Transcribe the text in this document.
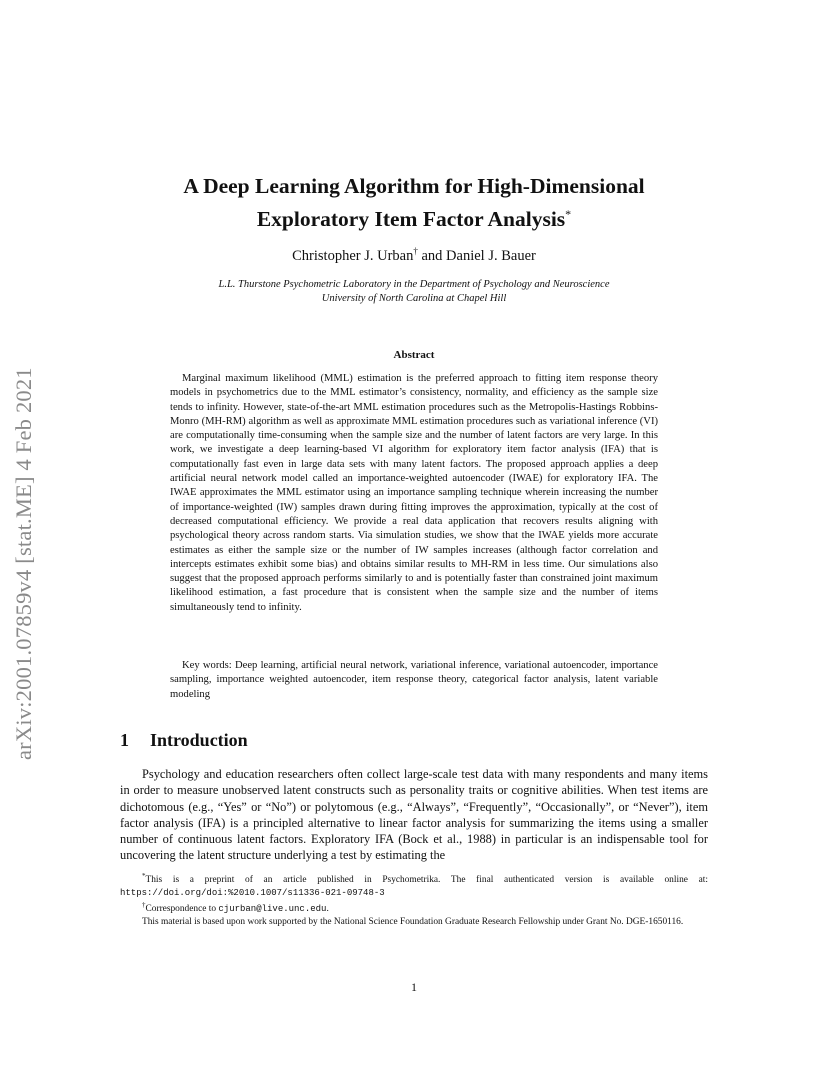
arXiv:2001.07859v4 [stat.ME] 4 Feb 2021
A Deep Learning Algorithm for High-Dimensional
Exploratory Item Factor Analysis*
Christopher J. Urban† and Daniel J. Bauer
L.L. Thurstone Psychometric Laboratory in the Department of Psychology and Neuroscience
University of North Carolina at Chapel Hill
Abstract

Marginal maximum likelihood (MML) estimation is the preferred approach to fitting item response theory models in psychometrics due to the MML estimator’s consistency, normality, and efficiency as the sample size tends to infinity. However, state-of-the-art MML estimation procedures such as the Metropolis-Hastings Robbins-Monro (MH-RM) algorithm as well as approximate MML estimation procedures such as variational inference (VI) are computationally time-consuming when the sample size and the number of latent factors are very large. In this work, we investigate a deep learning-based VI algorithm for exploratory item factor analysis (IFA) that is computationally fast even in large data sets with many latent factors. The proposed approach applies a deep artificial neural network model called an importance-weighted autoencoder (IWAE) for exploratory IFA. The IWAE approximates the MML estimator using an importance sampling technique wherein increasing the number of importance-weighted (IW) samples drawn during fitting improves the approximation, typically at the cost of decreased computational efficiency. We provide a real data application that recovers results aligning with psychological theory across random starts. Via simulation studies, we show that the IWAE yields more accurate estimates as either the sample size or the number of IW samples increases (although factor correlation and intercepts estimates exhibit some bias) and obtains similar results to MH-RM in less time. Our simulations also suggest that the proposed approach performs similarly to and is potentially faster than constrained joint maximum likelihood estimation, a fast procedure that is consistent when the sample size and the number of items simultaneously tend to infinity.

Key words: Deep learning, artificial neural network, variational inference, variational autoencoder, importance sampling, importance weighted autoencoder, item response theory, categorical factor analysis, latent variable modeling

1 Introduction

Psychology and education researchers often collect large-scale test data with many respondents and many items in order to measure unobserved latent constructs such as personality traits or cognitive abilities. When test items are dichotomous (e.g., “Yes” or “No”) or polytomous (e.g., “Always”, “Frequently”, “Occasionally”, or “Never”), item factor analysis (IFA) is a principled alternative to linear factor analysis for summarizing the items using a smaller number of continuous latent factors. Exploratory IFA (Bock et al., 1988) in particular is an indispensable tool for uncovering the latent structure underlying a test by estimating the

*This is a preprint of an article published in Psychometrika. The final authenticated version is available online at: https://doi.org/doi:%2010.1007/s11336-021-09748-3

†Correspondence to cjurban@live.unc.edu.

This material is based upon work supported by the National Science Foundation Graduate Research Fellowship under Grant No. DGE-1650116.

1
